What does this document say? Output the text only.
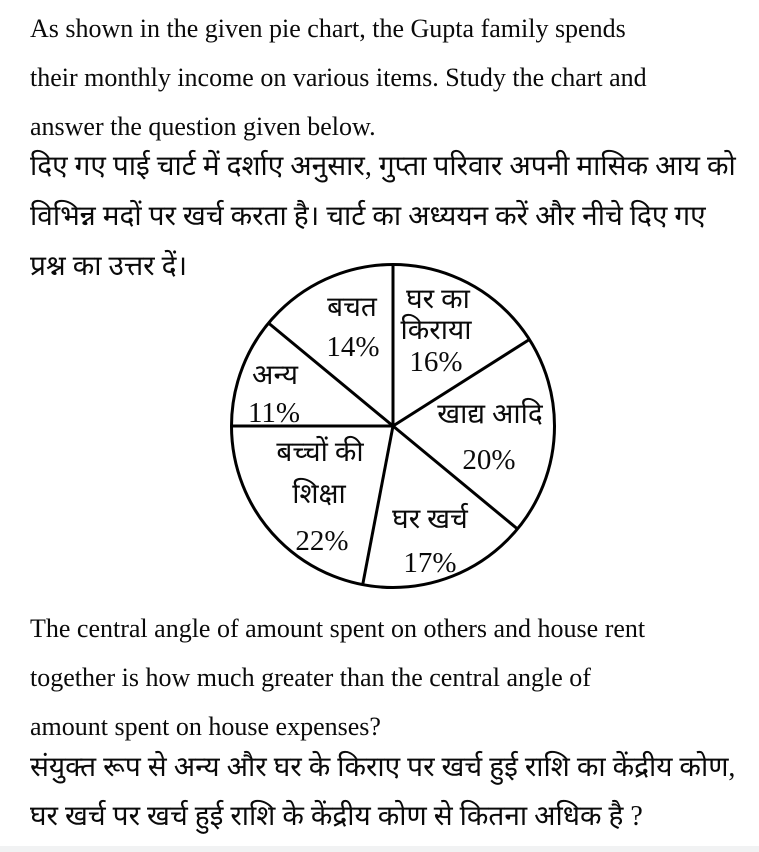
As shown in the given pie chart, the Gupta family spends
their monthly income on various items. Study the chart and
answer the question given below.
दिए गए पाई चार्ट में दर्शाए अनुसार, गुप्ता परिवार अपनी मासिक आय को
विभिन्न मदों पर खर्च करता है। चार्ट का अध्ययन करें और नीचे दिए गए
प्रश्न का उत्तर दें।
बचत
14%
घर का
किराया
16%
खाद्य आदि
20%
घर खर्च
17%
बच्चों की
शिक्षा
22%
अन्य
11%
The central angle of amount spent on others and house rent
together is how much greater than the central angle of
amount spent on house expenses?
संयुक्त रूप से अन्य और घर के किराए पर खर्च हुई राशि का केंद्रीय कोण,
घर खर्च पर खर्च हुई राशि के केंद्रीय कोण से कितना अधिक है ?
